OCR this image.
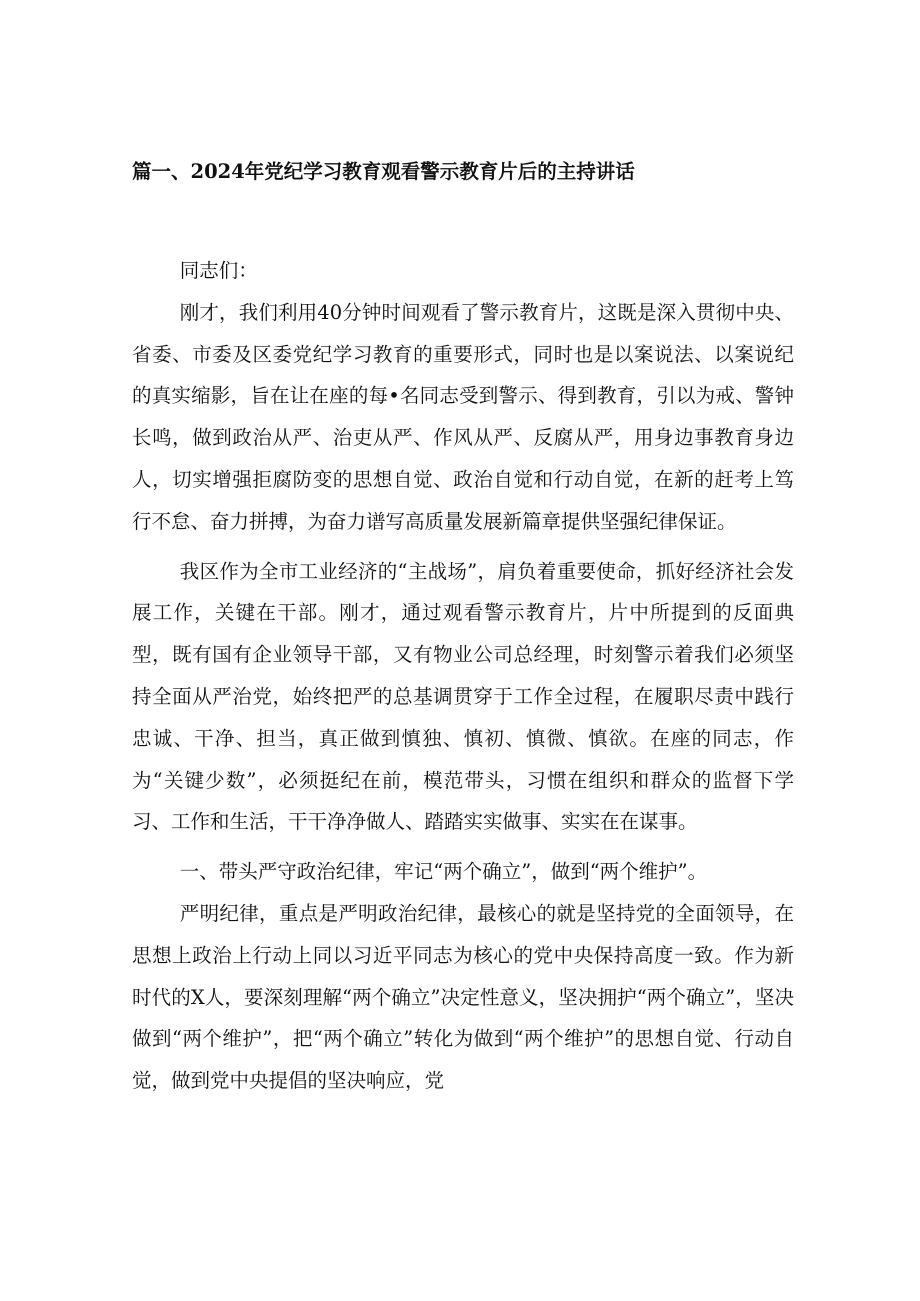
篇一、2024年党纪学习教育观看警示教育片后的主持讲话

同志们：

刚才，我们利用40分钟时间观看了警示教育片，这既是深入贯彻中央、省委、市委及区委党纪学习教育的重要形式，同时也是以案说法、以案说纪的真实缩影，旨在让在座的每•名同志受到警示、得到教育，引以为戒、警钟长鸣，做到政治从严、治吏从严、作风从严、反腐从严，用身边事教育身边人，切实增强拒腐防变的思想自觉、政治自觉和行动自觉，在新的赶考上笃行不怠、奋力拼搏，为奋力谱写高质量发展新篇章提供坚强纪律保证。

我区作为全市工业经济的“主战场”，肩负着重要使命，抓好经济社会发展工作，关键在干部。刚才，通过观看警示教育片，片中所提到的反面典型，既有国有企业领导干部，又有物业公司总经理，时刻警示着我们必须坚持全面从严治党，始终把严的总基调贯穿于工作全过程，在履职尽责中践行忠诚、干净、担当，真正做到慎独、慎初、慎微、慎欲。在座的同志，作为“关键少数”，必须挺纪在前，模范带头，习惯在组织和群众的监督下学习、工作和生活，干干净净做人、踏踏实实做事、实实在在谋事。

一、带头严守政治纪律，牢记“两个确立”，做到“两个维护”。

严明纪律，重点是严明政治纪律，最核心的就是坚持党的全面领导，在思想上政治上行动上同以习近平同志为核心的党中央保持高度一致。作为新时代的X人，要深刻理解“两个确立”决定性意义，坚决拥护“两个确立”，坚决做到“两个维护”，把“两个确立”转化为做到“两个维护”的思想自觉、行动自觉，做到党中央提倡的坚决响应，党
